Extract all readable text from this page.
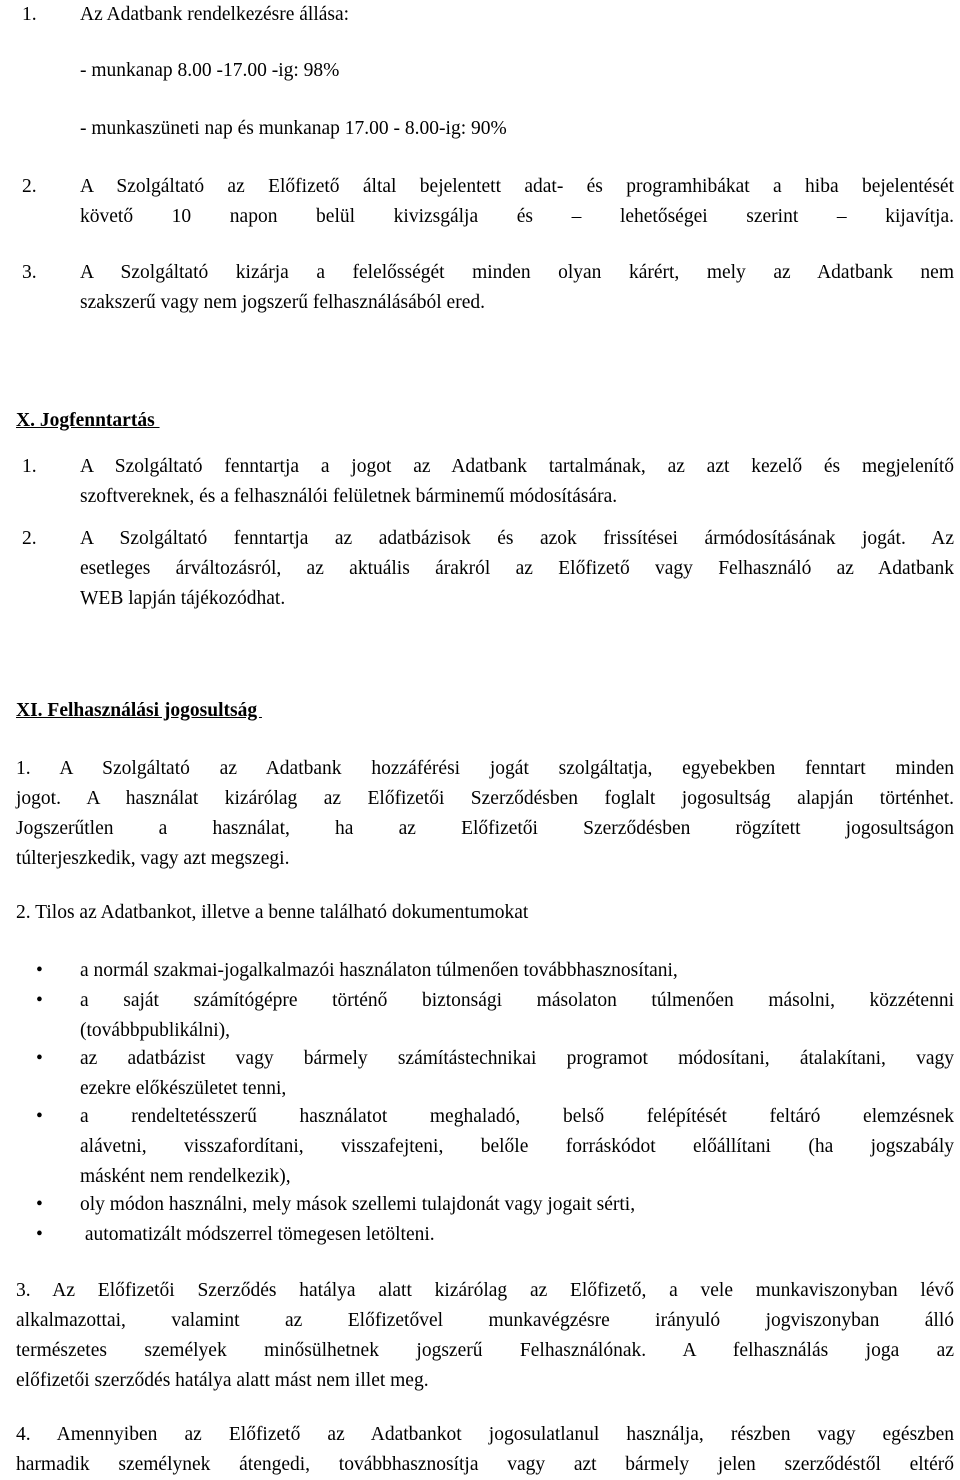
1. Az Adatbank rendelkezésre állása:
- munkanap 8.00 -17.00 -ig: 98%
- munkaszüneti nap és munkanap 17.00 - 8.00-ig: 90%
2. A Szolgáltató az Előfizető által bejelentett adat- és programhibákat a hiba bejelentését
követő 10 napon belül kivizsgálja és – lehetőségei szerint – kijavítja.
3. A Szolgáltató kizárja a felelősségét minden olyan kárért, mely az Adatbank nem
szakszerű vagy nem jogszerű felhasználásából ered.
X. Jogfenntartás
1. A Szolgáltató fenntartja a jogot az Adatbank tartalmának, az azt kezelő és megjelenítő
szoftvereknek, és a felhasználói felületnek bárminemű módosítására.
2. A Szolgáltató fenntartja az adatbázisok és azok frissítései ármódosításának jogát. Az
esetleges árváltozásról, az aktuális árakról az Előfizető vagy Felhasználó az Adatbank
WEB lapján tájékozódhat.
XI. Felhasználási jogosultság
1. A Szolgáltató az Adatbank hozzáférési jogát szolgáltatja, egyebekben fenntart minden
jogot. A használat kizárólag az Előfizetői Szerződésben foglalt jogosultság alapján történhet.
Jogszerűtlen a használat, ha az Előfizetői Szerződésben rögzített jogosultságon
túlterjeszkedik, vagy azt megszegi.
2. Tilos az Adatbankot, illetve a benne található dokumentumokat
• a normál szakmai-jogalkalmazói használaton túlmenően továbbhasznosítani,
• a saját számítógépre történő biztonsági másolaton túlmenően másolni, közzétenni
(továbbpublikálni),
• az adatbázist vagy bármely számítástechnikai programot módosítani, átalakítani, vagy
ezekre előkészületet tenni,
• a rendeltetésszerű használatot meghaladó, belső felépítését feltáró elemzésnek
alávetni, visszafordítani, visszafejteni, belőle forráskódot előállítani (ha jogszabály
másként nem rendelkezik),
• oly módon használni, mely mások szellemi tulajdonát vagy jogait sérti,
• automatizált módszerrel tömegesen letölteni.
3. Az Előfizetői Szerződés hatálya alatt kizárólag az Előfizető, a vele munkaviszonyban lévő
alkalmazottai, valamint az Előfizetővel munkavégzésre irányuló jogviszonyban álló
természetes személyek minősülhetnek jogszerű Felhasználónak. A felhasználás joga az
előfizetői szerződés hatálya alatt mást nem illet meg.
4. Amennyiben az Előfizető az Adatbankot jogosulatlanul használja, részben vagy egészben
harmadik személynek átengedi, továbbhasznosítja vagy azt bármely jelen szerződéstől eltérő
